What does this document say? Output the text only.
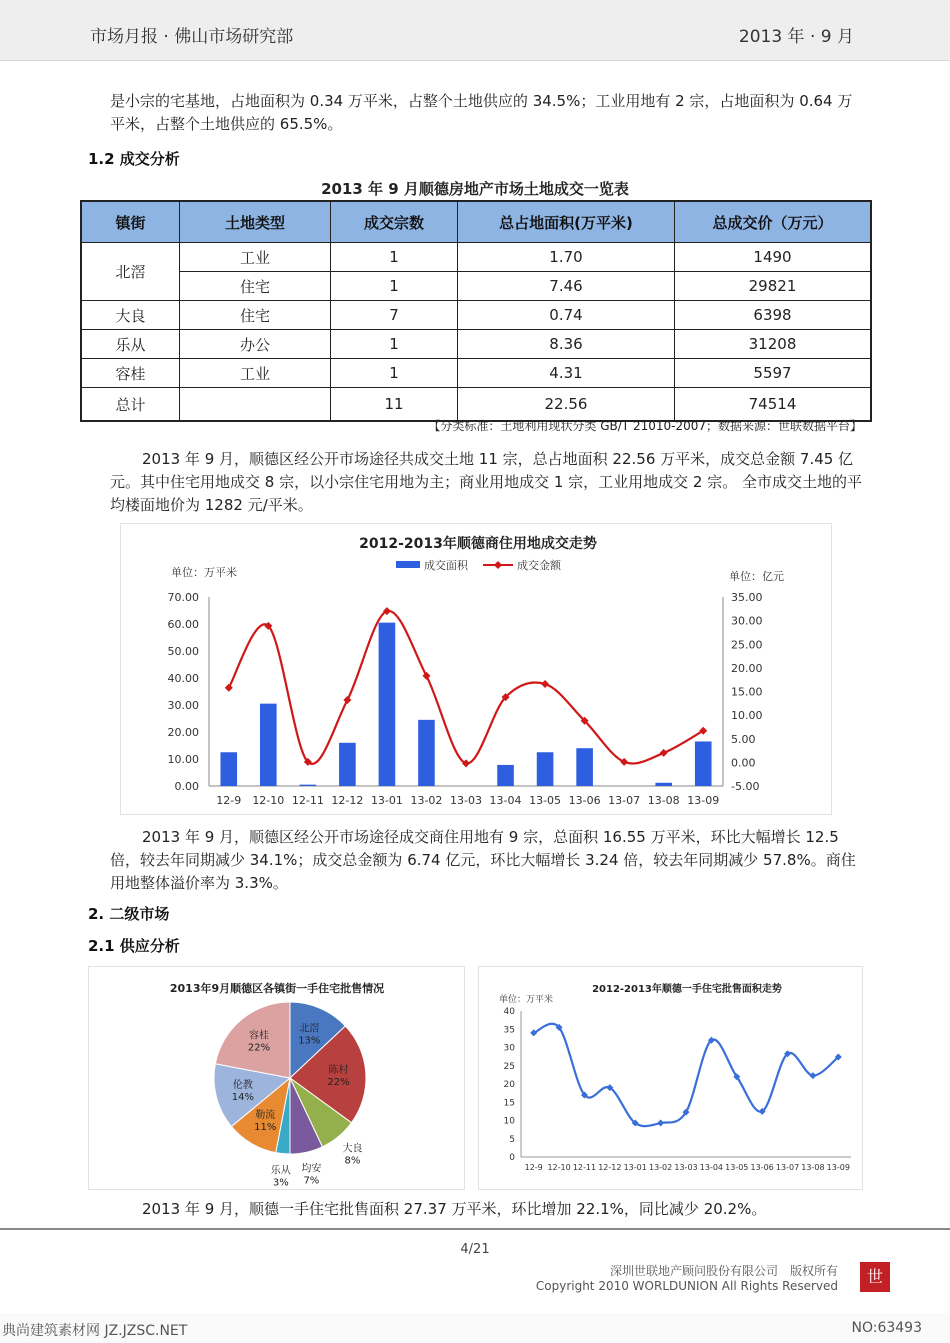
市场月报 · 佛山市场研究部	2013 年 · 9 月
是小宗的宅基地，占地面积为 0.34 万平米，占整个土地供应的 34.5%；工业用地有 2 宗，占地面积为 0.64 万平米，占整个土地供应的 65.5%。
1.2 成交分析
2013 年 9 月顺德房地产市场土地成交一览表
镇街	土地类型	成交宗数	总占地面积(万平米)	总成交价（万元）
北滘	工业	1	1.70	1490
	住宅	1	7.46	29821
大良	住宅	7	0.74	6398
乐从	办公	1	8.36	31208
容桂	工业	1	4.31	5597
总计		11	22.56	74514
【分类标准：土地利用现状分类 GB/T 21010-2007；数据来源：世联数据平台】
2013 年 9 月，顺德区经公开市场途径共成交土地 11 宗，总占地面积 22.56 万平米，成交总金额 7.45 亿元。其中住宅用地成交 8 宗，以小宗住宅用地为主；商业用地成交 1 宗，工业用地成交 2 宗。 全市成交土地的平均楼面地价为 1282 元/平米。
2012-2013年顺德商住用地成交走势
成交面积	成交金额
单位：万平米	单位：亿元
0.00
10.00
20.00
30.00
40.00
50.00
60.00
70.00
-5.00
0.00
5.00
10.00
15.00
20.00
25.00
30.00
35.00
12-9 12-10 12-11 12-12 13-01 13-02 13-03 13-04 13-05 13-06 13-07 13-08 13-09
2013 年 9 月，顺德区经公开市场途径成交商住用地有 9 宗，总面积 16.55 万平米，环比大幅增长 12.5 倍，较去年同期减少 34.1%；成交总金额为 6.74 亿元，环比大幅增长 3.24 倍，较去年同期减少 57.8%。商住用地整体溢价率为 3.3%。
2. 二级市场
2.1 供应分析
2013年9月顺德区各镇街一手住宅批售情况
北滘
13%
陈村
22%
大良
8%
均安
7%
乐从
3%
勒流
11%
伦教
14%
容桂
22%
2012-2013年顺德一手住宅批售面积走势
单位：万平米
0
5
10
15
20
25
30
35
40
12-9 12-10 12-11 12-12 13-01 13-02 13-03 13-04 13-05 13-06 13-07 13-08 13-09
2013 年 9 月，顺德一手住宅批售面积 27.37 万平米，环比增加 22.1%，同比减少 20.2%。
4/21
深圳世联地产顾问股份有限公司　版权所有
Copyright 2010 WORLDUNION All Rights Reserved	世
典尚建筑素材网 JZ.JZSC.NET	NO:63493
